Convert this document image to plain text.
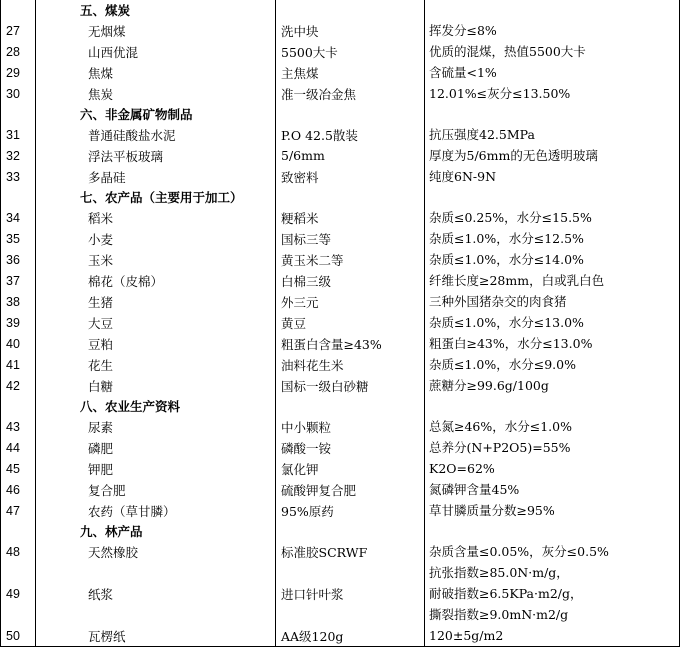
	五、煤炭		
27	无烟煤	洗中块	挥发分≤8%

28	山西优混	5500大卡	优质的混煤，热值5500大卡

29	焦煤	主焦煤	含硫量<1%

30	焦炭	准一级冶金焦	12.01%≤灰分≤13.50%

	六、非金属矿物制品		
31	普通硅酸盐水泥	P.O 42.5散装	抗压强度42.5MPa

32	浮法平板玻璃	5/6mm	厚度为5/6mm的无色透明玻璃

33	多晶硅	致密料	纯度6N-9N

	七、农产品（主要用于加工）		
34	稻米	粳稻米	杂质≤0.25%，水分≤15.5%

35	小麦	国标三等	杂质≤1.0%，水分≤12.5%

36	玉米	黄玉米二等	杂质≤1.0%，水分≤14.0%

37	棉花（皮棉）	白棉三级	纤维长度≥28mm，白或乳白色

38	生猪	外三元	三种外国猪杂交的肉食猪

39	大豆	黄豆	杂质≤1.0%，水分≤13.0%

40	豆粕	粗蛋白含量≥43%	粗蛋白≥43%，水分≤13.0%

41	花生	油料花生米	杂质≤1.0%，水分≤9.0%

42	白糖	国标一级白砂糖	蔗糖分≥99.6g/100g

	八、农业生产资料		
43	尿素	中小颗粒	总氮≥46%，水分≤1.0%

44	磷肥	磷酸一铵	总养分(N+P2O5)=55%

45	钾肥	氯化钾	K2O=62%

46	复合肥	硫酸钾复合肥	氮磷钾含量45%

47	农药（草甘膦）	95%原药	草甘膦质量分数≥95%

	九、林产品		
48	天然橡胶	标准胶SCRWF	杂质含量≤0.05%，灰分≤0.5%

49	纸浆	进口针叶浆	抗张指数≥85.0N·m/g，
耐破指数≥6.5KPa·m2/g，
撕裂指数≥9.0mN·m2/g

50	瓦楞纸	AA级120g	120±5g/m2
